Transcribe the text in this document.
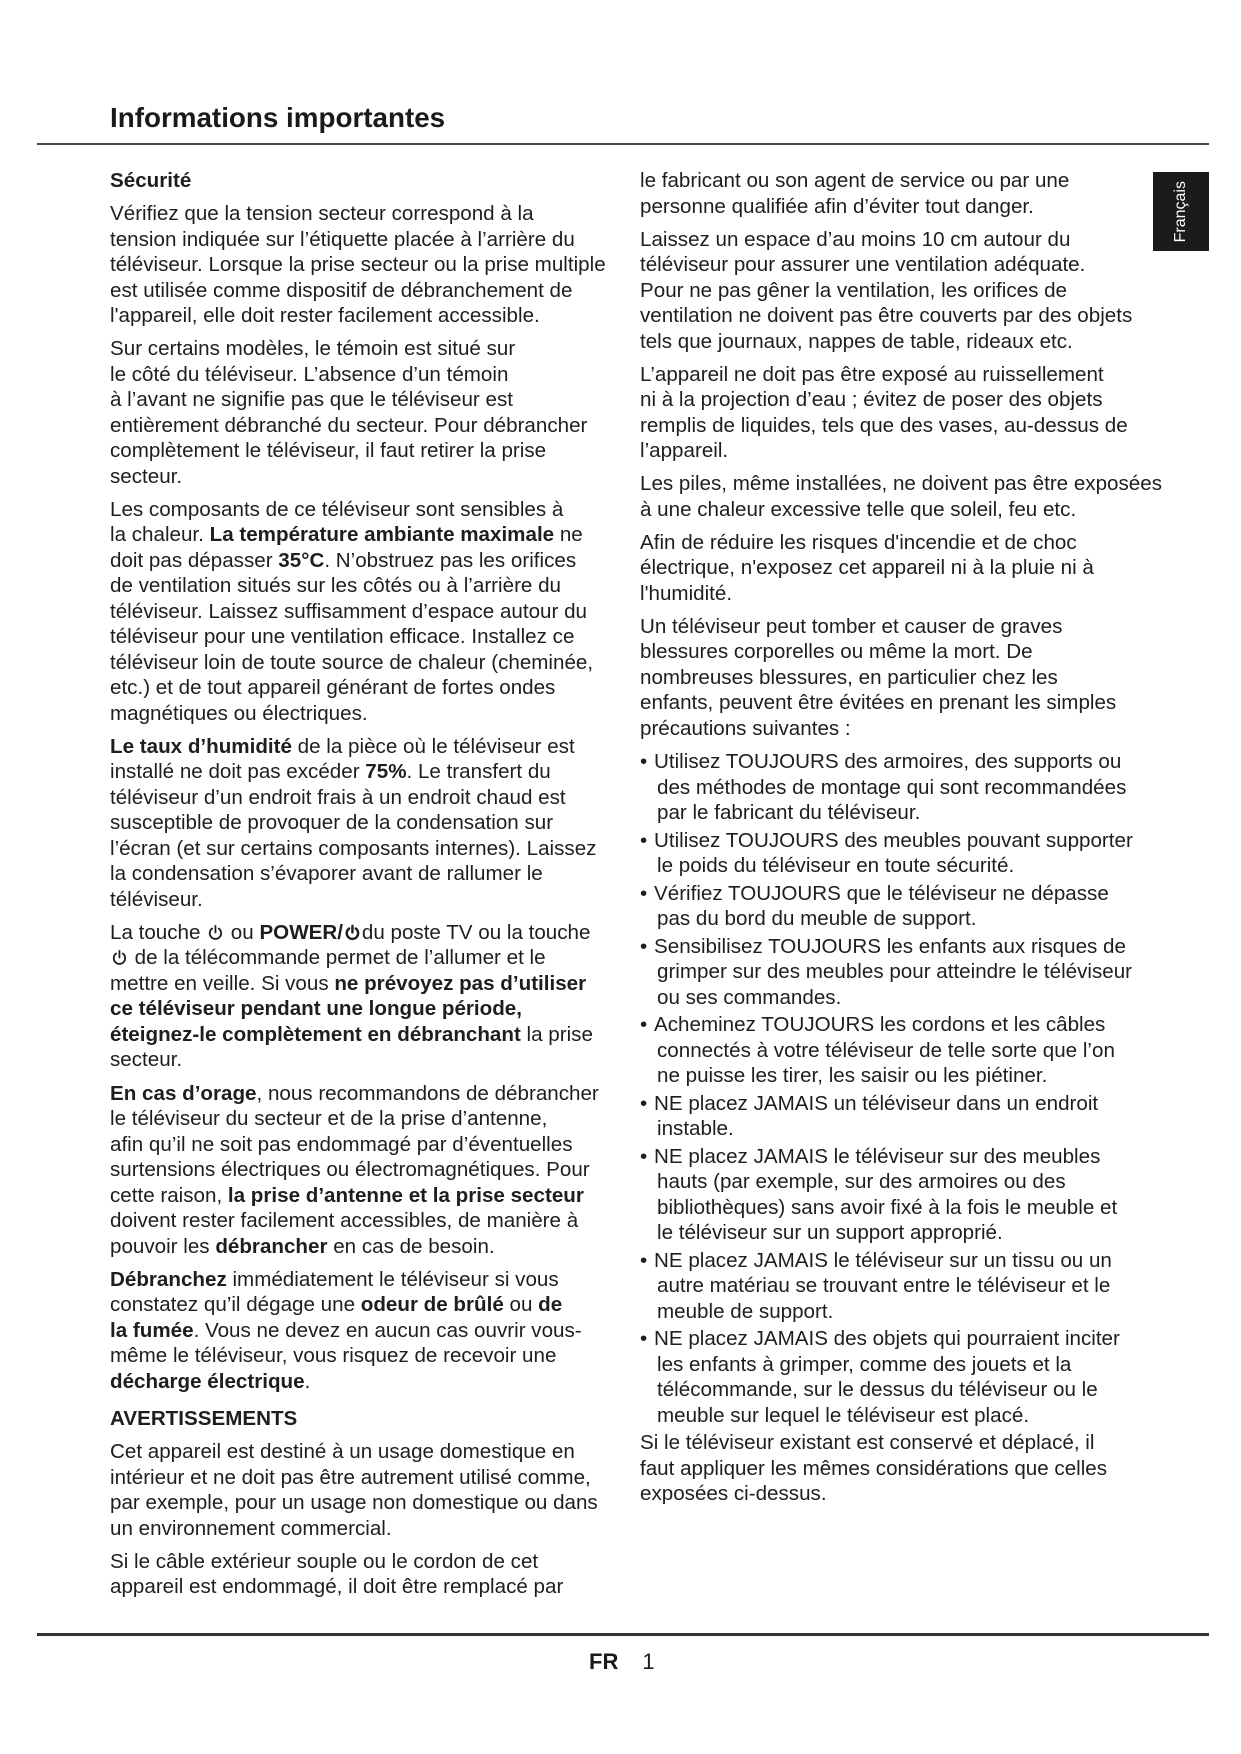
Informations importantes
Français
Sécurité
Vérifiez que la tension secteur correspond à la
tension indiquée sur l’étiquette placée à l’arrière du
téléviseur. Lorsque la prise secteur ou la prise multiple
est utilisée comme dispositif de débranchement de
l'appareil, elle doit rester facilement accessible.
Sur certains modèles, le témoin est situé sur
le côté du téléviseur. L’absence d’un témoin
à l’avant ne signifie pas que le téléviseur est
entièrement débranché du secteur. Pour débrancher
complètement le téléviseur, il faut retirer la prise
secteur.
Les composants de ce téléviseur sont sensibles à
la chaleur. La température ambiante maximale ne
doit pas dépasser 35°C. N’obstruez pas les orifices
de ventilation situés sur les côtés ou à l’arrière du
téléviseur. Laissez suffisamment d’espace autour du
téléviseur pour une ventilation efficace. Installez ce
téléviseur loin de toute source de chaleur (cheminée,
etc.) et de tout appareil générant de fortes ondes
magnétiques ou électriques.
Le taux d’humidité de la pièce où le téléviseur est
installé ne doit pas excéder 75%. Le transfert du
téléviseur d’un endroit frais à un endroit chaud est
susceptible de provoquer de la condensation sur
l’écran (et sur certains composants internes). Laissez
la condensation s’évaporer avant de rallumer le
téléviseur.
La touche
ou POWER/ du poste TV ou la touche

de la télécommande permet de l’allumer et le
mettre en veille. Si vous ne prévoyez pas d’utiliser
ce téléviseur pendant une longue période,
éteignez-le complètement en débranchant la prise
secteur.
En cas d’orage, nous recommandons de débrancher
le téléviseur du secteur et de la prise d’antenne,
afin qu’il ne soit pas endommagé par d’éventuelles
surtensions électriques ou électromagnétiques. Pour
cette raison, la prise d’antenne et la prise secteur
doivent rester facilement accessibles, de manière à
pouvoir les débrancher en cas de besoin.
Débranchez immédiatement le téléviseur si vous
constatez qu’il dégage une odeur de brûlé ou de
la fumée. Vous ne devez en aucun cas ouvrir vous-
même le téléviseur, vous risquez de recevoir une
décharge électrique.
AVERTISSEMENTS
Cet appareil est destiné à un usage domestique en
intérieur et ne doit pas être autrement utilisé comme,
par exemple, pour un usage non domestique ou dans
un environnement commercial.
Si le câble extérieur souple ou le cordon de cet
appareil est endommagé, il doit être remplacé par
le fabricant ou son agent de service ou par une
personne qualifiée afin d’éviter tout danger.
Laissez un espace d’au moins 10 cm autour du
téléviseur pour assurer une ventilation adéquate.
Pour ne pas gêner la ventilation, les orifices de
ventilation ne doivent pas être couverts par des objets
tels que journaux, nappes de table, rideaux etc.
L’appareil ne doit pas être exposé au ruissellement
ni à la projection d’eau ; évitez de poser des objets
remplis de liquides, tels que des vases, au-dessus de
l’appareil.
Les piles, même installées, ne doivent pas être exposées
à une chaleur excessive telle que soleil, feu etc.
Afin de réduire les risques d'incendie et de choc
électrique, n'exposez cet appareil ni à la pluie ni à
l'humidité.
Un téléviseur peut tomber et causer de graves
blessures corporelles ou même la mort. De
nombreuses blessures, en particulier chez les
enfants, peuvent être évitées en prenant les simples
précautions suivantes :
• Utilisez TOUJOURS des armoires, des supports ou
des méthodes de montage qui sont recommandées
par le fabricant du téléviseur.
• Utilisez TOUJOURS des meubles pouvant supporter
le poids du téléviseur en toute sécurité.
• Vérifiez TOUJOURS que le téléviseur ne dépasse
pas du bord du meuble de support.
• Sensibilisez TOUJOURS les enfants aux risques de
grimper sur des meubles pour atteindre le téléviseur
ou ses commandes.
• Acheminez TOUJOURS les cordons et les câbles
connectés à votre téléviseur de telle sorte que l’on
ne puisse les tirer, les saisir ou les piétiner.
• NE placez JAMAIS un téléviseur dans un endroit
instable.
• NE placez JAMAIS le téléviseur sur des meubles
hauts (par exemple, sur des armoires ou des
bibliothèques) sans avoir fixé à la fois le meuble et
le téléviseur sur un support approprié.
• NE placez JAMAIS le téléviseur sur un tissu ou un
autre matériau se trouvant entre le téléviseur et le
meuble de support.
• NE placez JAMAIS des objets qui pourraient inciter
les enfants à grimper, comme des jouets et la
télécommande, sur le dessus du téléviseur ou le
meuble sur lequel le téléviseur est placé.
Si le téléviseur existant est conservé et déplacé, il
faut appliquer les mêmes considérations que celles
exposées ci-dessus.
FR 1
